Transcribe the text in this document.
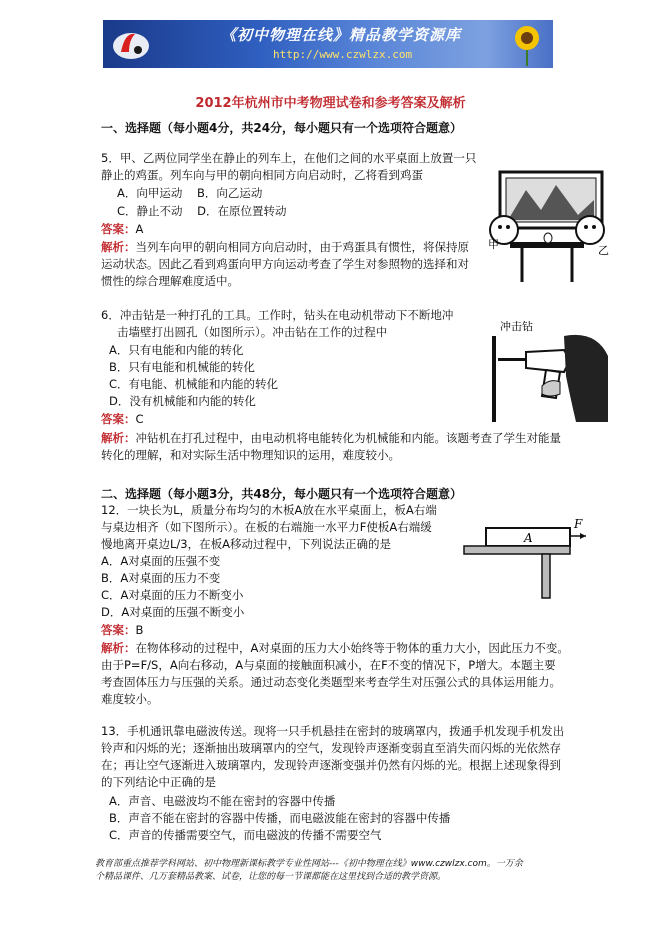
《初中物理在线》精品教学资源库
http://www.czwlzx.com
2012年杭州市中考物理试卷和参考答案及解析
一、选择题（每小题4分，共24分，每小题只有一个选项符合题意）
5．甲、乙两位同学坐在静止的列车上，在他们之间的水平桌面上放置一只
静止的鸡蛋。列车向与甲的朝向相同方向启动时，乙将看到鸡蛋
A．向甲运动    B．向乙运动
C．静止不动    D．在原位置转动
答案：A
解析：当列车向甲的朝向相同方向启动时，由于鸡蛋具有惯性，将保持原
运动状态。因此乙看到鸡蛋向甲方向运动考查了学生对参照物的选择和对
惯性的综合理解难度适中。
甲	乙
6．冲击钻是一种打孔的工具。工作时，钻头在电动机带动下不断地冲
击墙壁打出圆孔（如图所示）。冲击钻在工作的过程中
A．只有电能和内能的转化
B．只有电能和机械能的转化
C．有电能、机械能和内能的转化
D．没有机械能和内能的转化
答案：C
解析：冲钻机在打孔过程中，由电动机将电能转化为机械能和内能。该题考查了学生对能量
转化的理解，和对实际生活中物理知识的运用，难度较小。
冲击钻
二、选择题（每小题3分，共48分，每小题只有一个选项符合题意）
12．一块长为L，质量分布均匀的木板A放在水平桌面上，板A右端
与桌边相齐（如下图所示）。在板的右端施一水平力F使板A右端缓
慢地离开桌边L/3，在板A移动过程中，下列说法正确的是
A．A对桌面的压强不变
B．A对桌面的压力不变
C．A对桌面的压力不断变小
D．A对桌面的压强不断变小
答案：B
解析：在物体移动的过程中，A对桌面的压力大小始终等于物体的重力大小，因此压力不变。
由于P=F/S，A向右移动，A与桌面的接触面积减小，在F不变的情况下，P增大。本题主要
考查固体压力与压强的关系。通过动态变化类题型来考查学生对压强公式的具体运用能力。
难度较小。
A
F
13．手机通讯靠电磁波传送。现将一只手机悬挂在密封的玻璃罩内，拨通手机发现手机发出
铃声和闪烁的光；逐渐抽出玻璃罩内的空气，发现铃声逐渐变弱直至消失而闪烁的光依然存
在；再让空气逐渐进入玻璃罩内，发现铃声逐渐变强并仍然有闪烁的光。根据上述现象得到
的下列结论中正确的是
A．声音、电磁波均不能在密封的容器中传播
B．声音不能在密封的容器中传播，而电磁波能在密封的容器中传播
C．声音的传播需要空气，而电磁波的传播不需要空气
教育部重点推荐学科网站、初中物理新课标教学专业性网站---《初中物理在线》www.czwlzx.com。一万余
个精品课件、几万套精品教案、试卷，让您的每一节课都能在这里找到合适的教学资源。
